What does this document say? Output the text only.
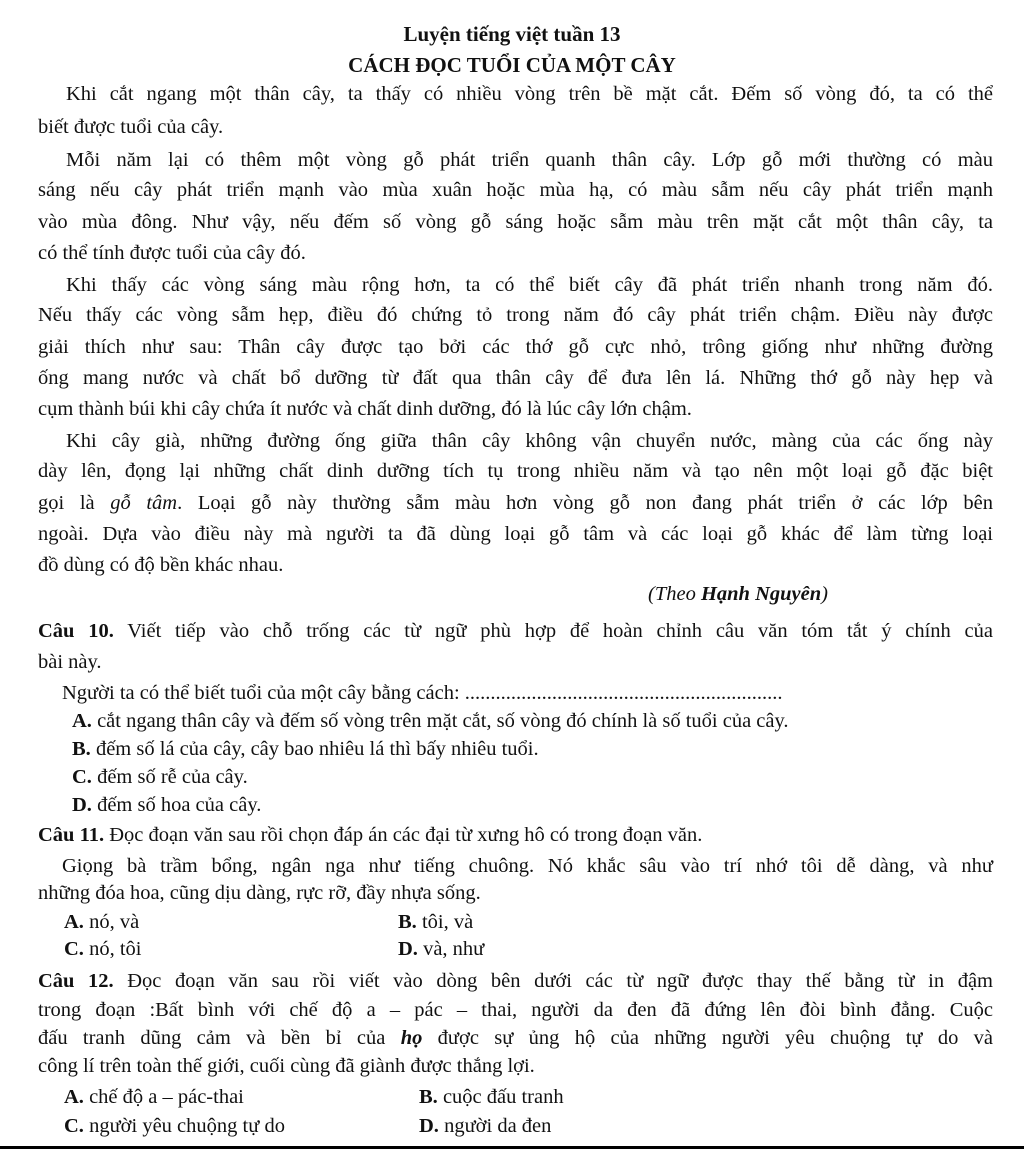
Luyện tiếng việt tuần 13
CÁCH ĐỌC TUỔI CỦA MỘT CÂY
Khi cắt ngang một thân cây, ta thấy có nhiều vòng trên bề mặt cắt. Đếm số vòng đó, ta có thể
biết được tuổi của cây.
Mỗi năm lại có thêm một vòng gỗ phát triển quanh thân cây. Lớp gỗ mới thường có màu
sáng nếu cây phát triển mạnh vào mùa xuân hoặc mùa hạ, có màu sẫm nếu cây phát triển mạnh
vào mùa đông. Như vậy, nếu đếm số vòng gỗ sáng hoặc sẫm màu trên mặt cắt một thân cây, ta
có thể tính được tuổi của cây đó.
Khi thấy các vòng sáng màu rộng hơn, ta có thể biết cây đã phát triển nhanh trong năm đó.
Nếu thấy các vòng sẫm hẹp, điều đó chứng tỏ trong năm đó cây phát triển chậm. Điều này được
giải thích như sau: Thân cây được tạo bởi các thớ gỗ cực nhỏ, trông giống như những đường
ống mang nước và chất bổ dưỡng từ đất qua thân cây để đưa lên lá. Những thớ gỗ này hẹp và
cụm thành búi khi cây chứa ít nước và chất dinh dưỡng, đó là lúc cây lớn chậm.
Khi cây già, những đường ống giữa thân cây không vận chuyển nước, màng của các ống này
dày lên, đọng lại những chất dinh dưỡng tích tụ trong nhiều năm và tạo nên một loại gỗ đặc biệt
gọi là gỗ tâm. Loại gỗ này thường sẫm màu hơn vòng gỗ non đang phát triển ở các lớp bên
ngoài. Dựa vào điều này mà người ta đã dùng loại gỗ tâm và các loại gỗ khác để làm từng loại
đồ dùng có độ bền khác nhau.
(Theo Hạnh Nguyên)
Câu 10. Viết tiếp vào chỗ trống các từ ngữ phù hợp để hoàn chỉnh câu văn tóm tắt ý chính của
bài này.
Người ta có thể biết tuổi của một cây bằng cách: ..............................................................
A. cắt ngang thân cây và đếm số vòng trên mặt cắt, số vòng đó chính là số tuổi của cây.
B. đếm số lá của cây, cây bao nhiêu lá thì bấy nhiêu tuổi.
C. đếm số rễ của cây.
D. đếm số hoa của cây.
Câu 11. Đọc đoạn văn sau rồi chọn đáp án các đại từ xưng hô có trong đoạn văn.
Giọng bà trầm bổng, ngân nga như tiếng chuông. Nó khắc sâu vào trí nhớ tôi dễ dàng, và như
những đóa hoa, cũng dịu dàng, rực rỡ, đầy nhựa sống.
A. nó, và	B. tôi, và
C. nó, tôi	D. và, như
Câu 12. Đọc đoạn văn sau rồi viết vào dòng bên dưới các từ ngữ được thay thế bằng từ in đậm
trong đoạn :Bất bình với chế độ a – pác – thai, người da đen đã đứng lên đòi bình đẳng. Cuộc
đấu tranh dũng cảm và bền bỉ của họ được sự ủng hộ của những người yêu chuộng tự do và
công lí trên toàn thế giới, cuối cùng đã giành được thắng lợi.
A. chế độ a – pác-thai	B. cuộc đấu tranh
C. người yêu chuộng tự do	D. người da đen
